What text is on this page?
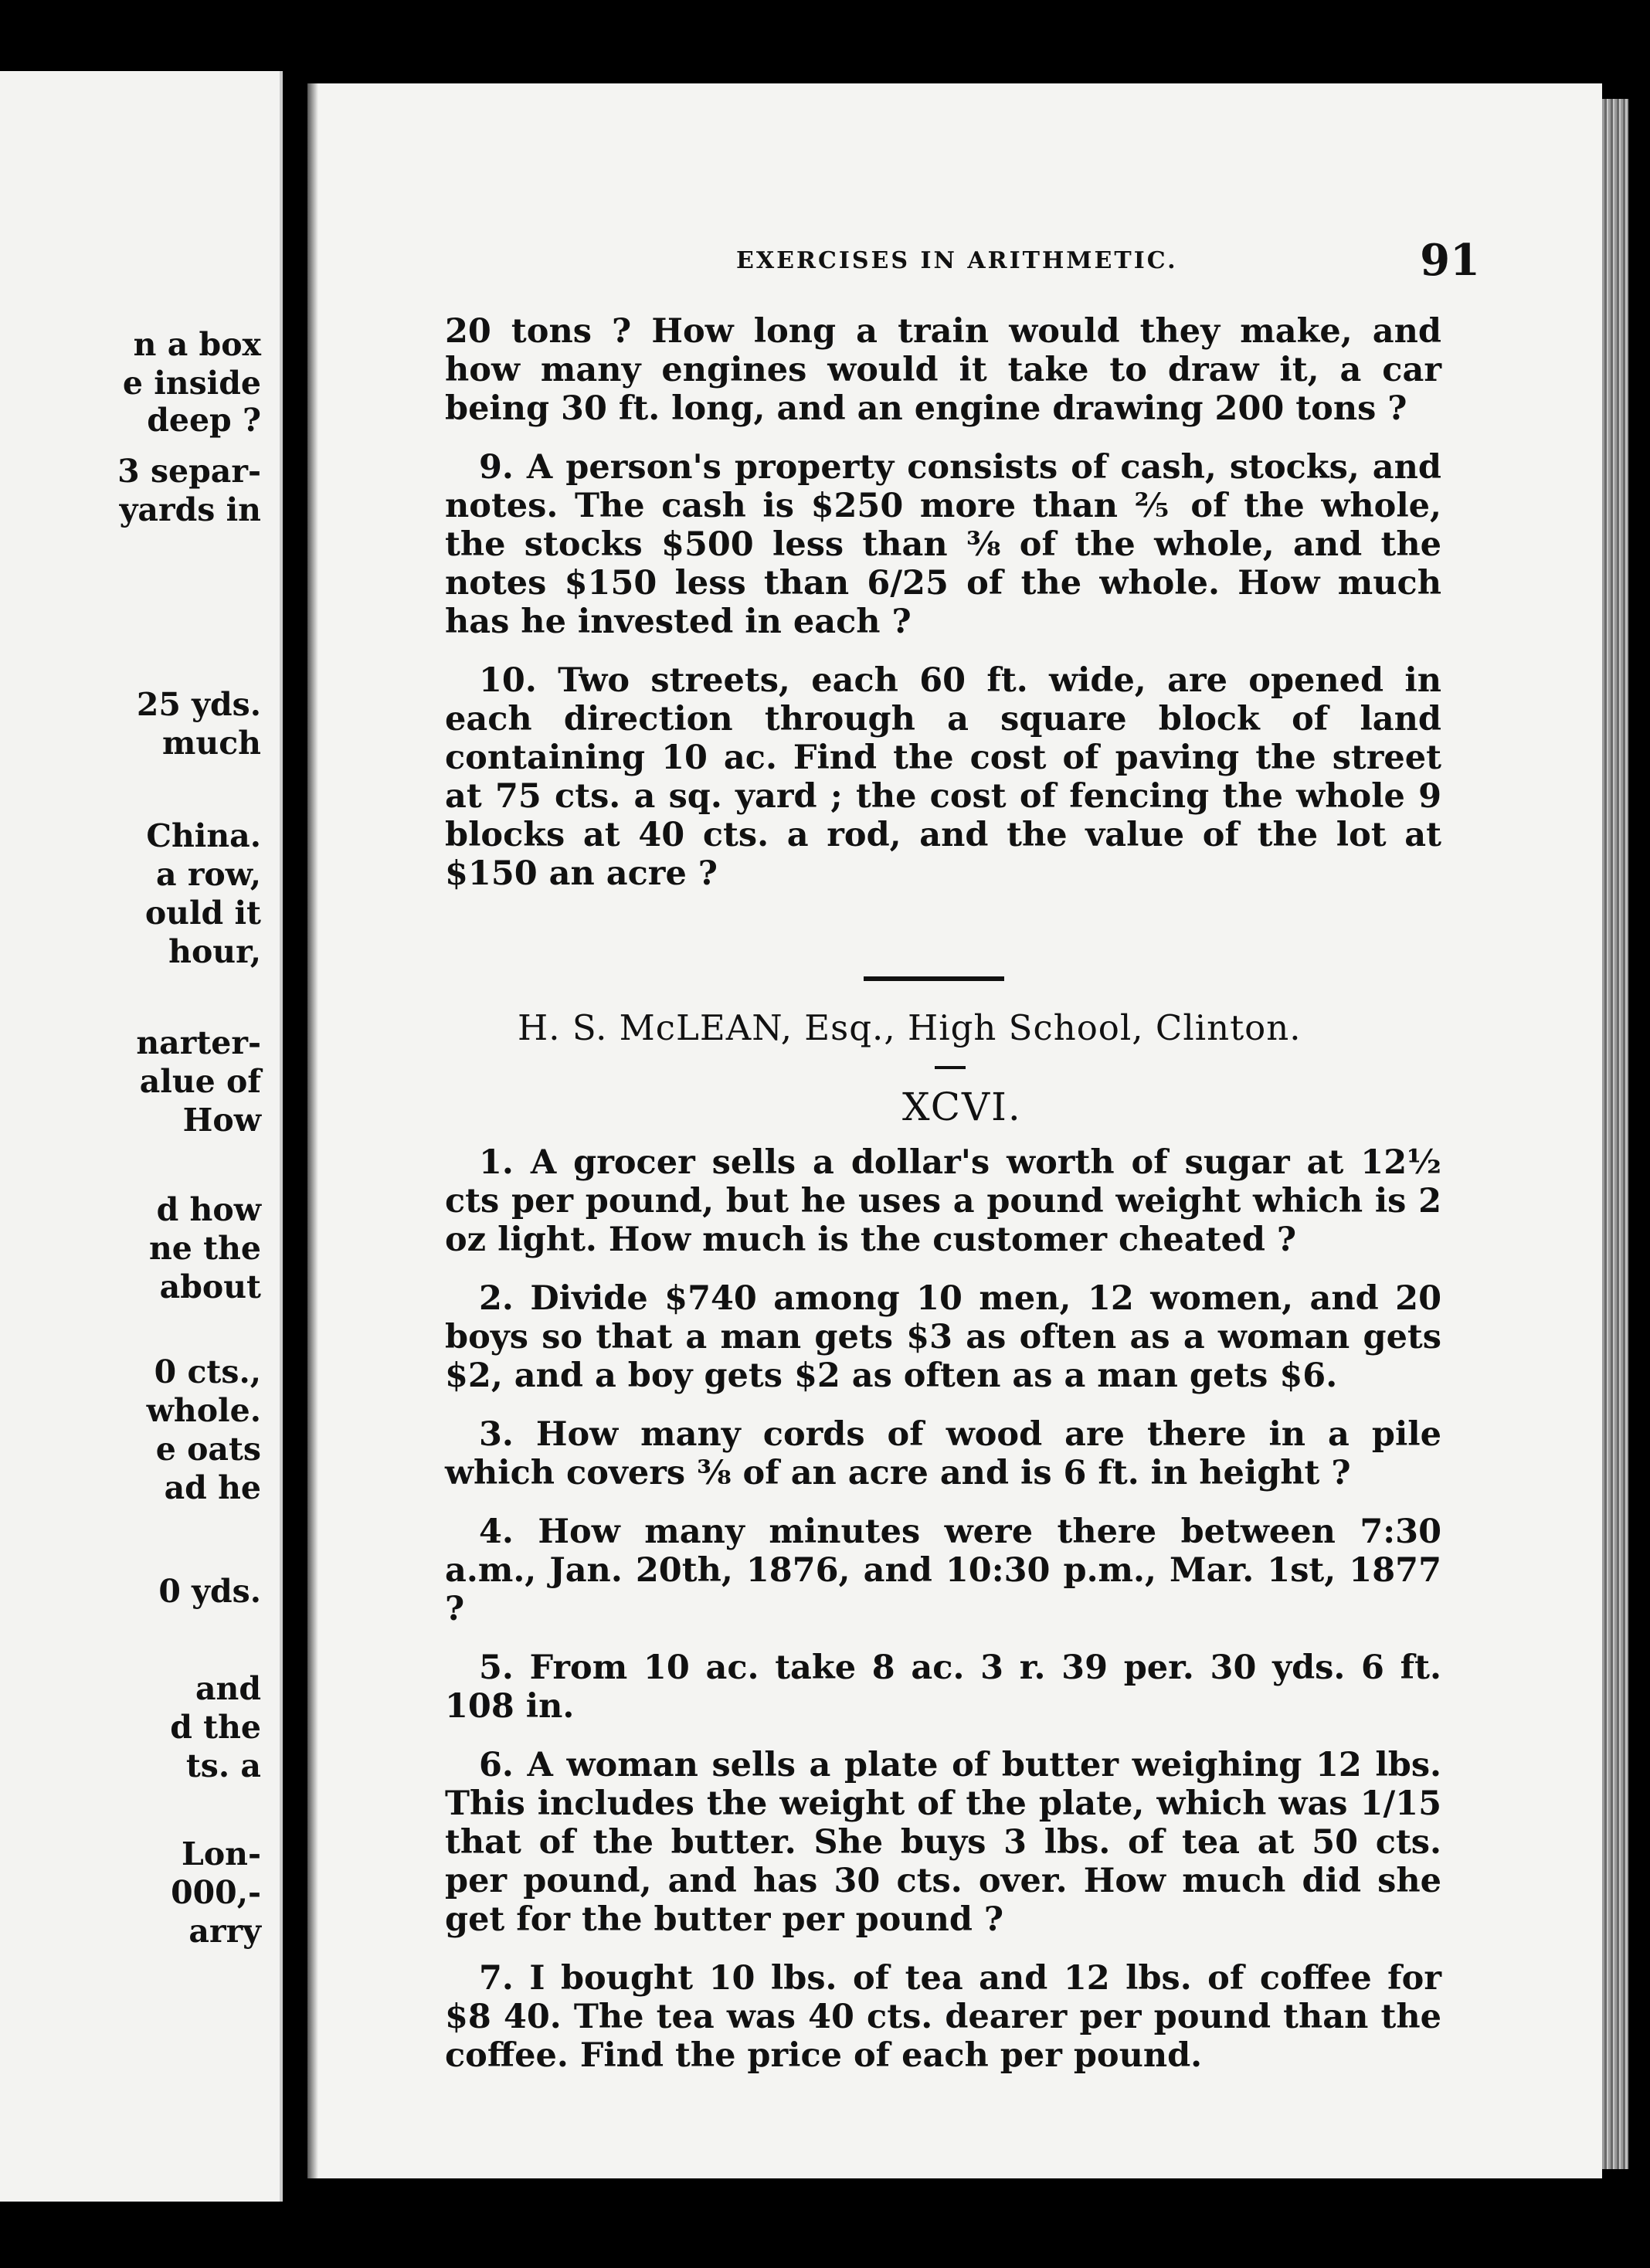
n a box
e inside
deep ?
3 separ-
yards in
25 yds.
much
China.
a row,
ould it
hour,
narter-
alue of
How
d how
ne the
about
0 cts.,
whole.
e oats
ad he
0 yds.
and
d the
ts. a
Lon-
000,-
arry
EXERCISES IN ARITHMETIC.	91

20 tons ? How long a train would they make, and how many engines would it take to draw it, a car being 30 ft. long, and an engine drawing 200 tons ?

9. A person's property consists of cash, stocks, and notes. The cash is $250 more than ⅖ of the whole, the stocks $500 less than ⅜ of the whole, and the notes $150 less than 6/25 of the whole. How much has he invested in each ?

10. Two streets, each 60 ft. wide, are opened in each direction through a square block of land containing 10 ac. Find the cost of paving the street at 75 cts. a sq. yard ; the cost of fencing the whole 9 blocks at 40 cts. a rod, and the value of the lot at $150 an acre ?

H. S. McLEAN, Esq., High School, Clinton.
XCVI.

1. A grocer sells a dollar's worth of sugar at 12½ cts per pound, but he uses a pound weight which is 2 oz light. How much is the customer cheated ?

2. Divide $740 among 10 men, 12 women, and 20 boys so that a man gets $3 as often as a woman gets $2, and a boy gets $2 as often as a man gets $6.

3. How many cords of wood are there in a pile which covers ⅜ of an acre and is 6 ft. in height ?

4. How many minutes were there between 7:30 a.m., Jan. 20th, 1876, and 10:30 p.m., Mar. 1st, 1877 ?

5. From 10 ac. take 8 ac. 3 r. 39 per. 30 yds. 6 ft. 108 in.

6. A woman sells a plate of butter weighing 12 lbs. This includes the weight of the plate, which was 1/15 that of the butter. She buys 3 lbs. of tea at 50 cts. per pound, and has 30 cts. over. How much did she get for the butter per pound ?

7. I bought 10 lbs. of tea and 12 lbs. of coffee for $8 40. The tea was 40 cts. dearer per pound than the coffee. Find the price of each per pound.
